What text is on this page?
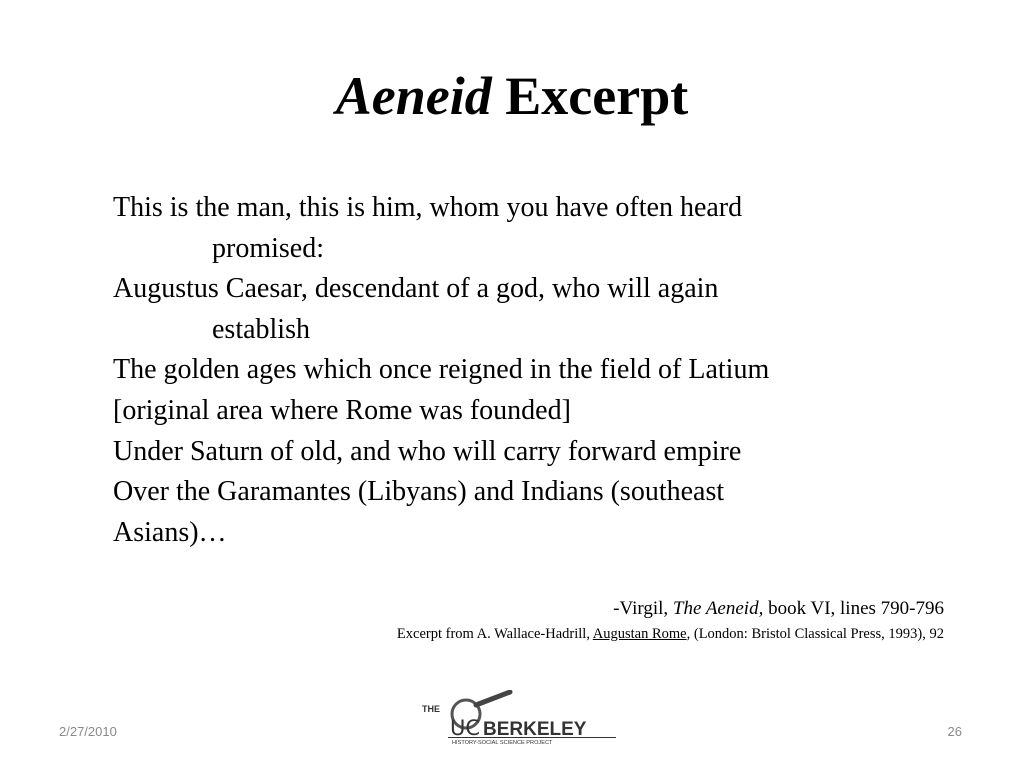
Aeneid Excerpt
This is the man, this is him, whom you have often heard
promised:
Augustus Caesar, descendant of a god, who will again
establish
The golden ages which once reigned in the field of Latium
[original area where Rome was founded]
Under Saturn of old, and who will carry forward empire
Over the Garamantes (Libyans) and Indians (southeast
Asians)…
-Virgil, The Aeneid, book VI, lines 790-796
Excerpt from A. Wallace-Hadrill, Augustan Rome, (London: Bristol Classical Press, 1993), 92
THE
UC BERKELEY
HISTORY-SOCIAL SCIENCE PROJECT
2/27/2010	26
